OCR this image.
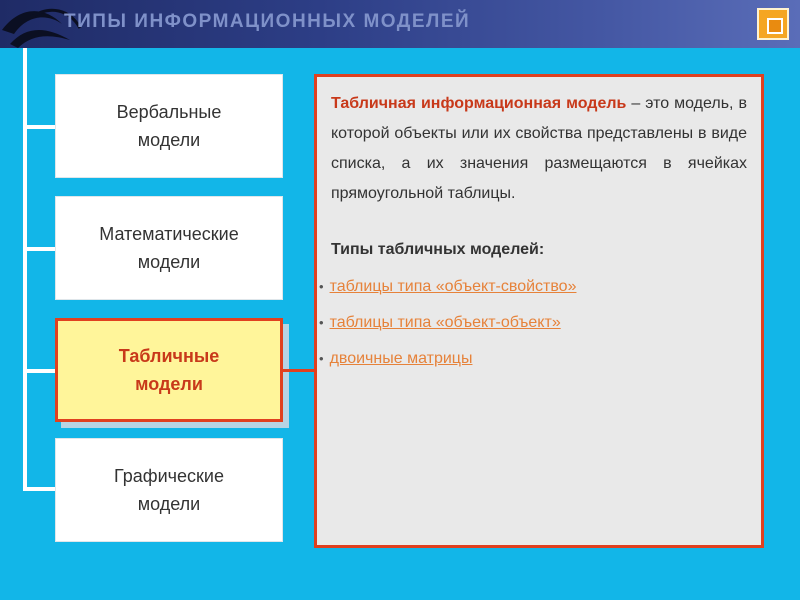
ТИПЫ ИНФОРМАЦИОННЫХ МОДЕЛЕЙ
Вербальные
модели
Математические
модели
Табличные
модели
Графические
модели

Табличная информационная модель – это модель, в которой объекты или их свойства представлены в виде списка, а их значения размещаются в ячейках прямоугольной таблицы.

Типы табличных моделей:
• таблицы типа «объект-свойство»
• таблицы типа «объект-объект»
• двоичные матрицы
